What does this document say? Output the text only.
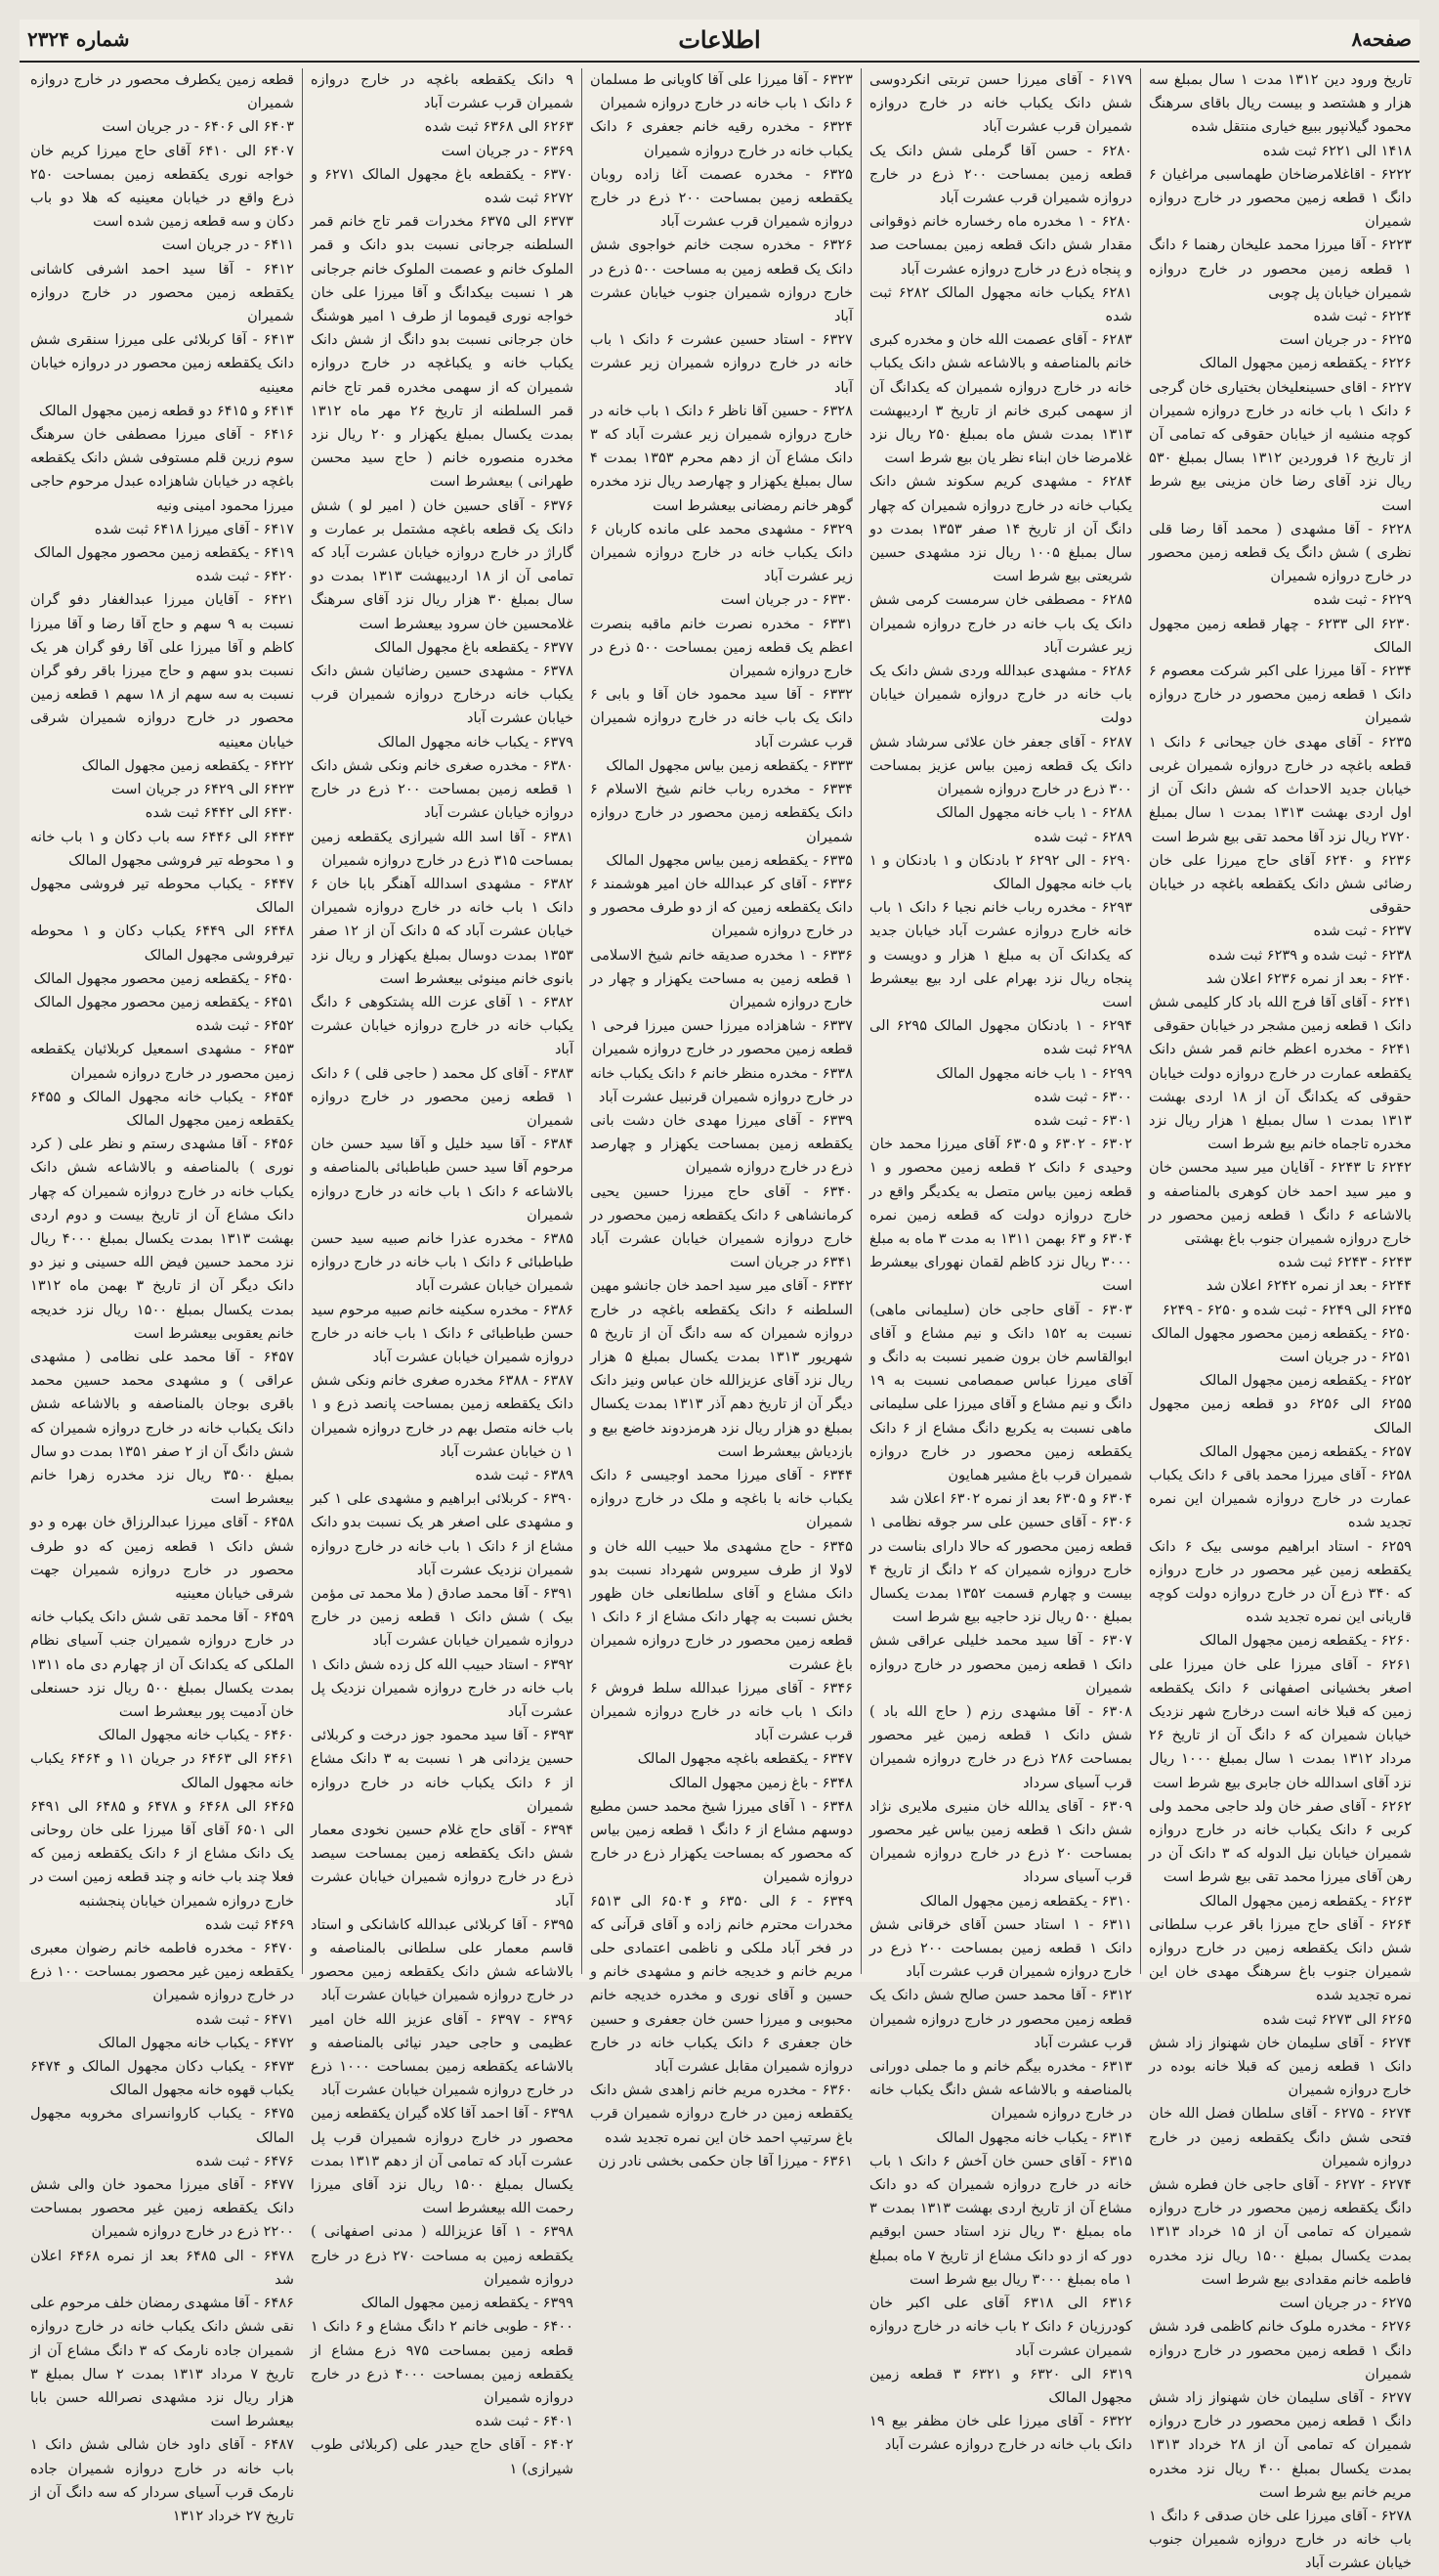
صفحه۸
اطلاعات
شماره ۲۳۲۴
تاریخ ورود دین ۱۳۱۲ مدت ۱ سال بمبلغ سه هزار و هشتصد و بیست ریال باقای سرهنگ محمود گیلانپور ببیع خیاری منتقل شده
۱۴۱۸ الی ۶۲۲۱ ثبت شده
۶۲۲۲ - اقاغلامرضاخان طهماسبی مراغیان ۶ دانگ ۱ قطعه زمین محصور در خارج دروازه شمیران
۶۲۲۳ - آقا میرزا محمد علیخان رهنما ۶ دانگ ۱ قطعه زمین محصور در خارج دروازه شمیران خیابان پل چوبی
۶۲۲۴ - ثبت شده
۶۲۲۵ - در جریان است
۶۲۲۶ - یکقطعه زمین مجهول المالک
۶۲۲۷ - اقای حسینعلیخان بختیاری خان گرجی ۶ دانک ۱ باب خانه در خارج دروازه شمیران کوچه منشیه از خیابان حقوقی که تمامی آن از تاریخ ۱۶ فروردین ۱۳۱۲ بسال بمبلغ ۵۳۰ ریال نزد آقای رضا خان مزینی بیع شرط است
۶۲۲۸ - آقا مشهدی ( محمد آقا رضا قلی نظری ) شش دانگ یک قطعه زمین محصور در خارج دروازه شمیران
۶۲۲۹ - ثبت شده
۶۲۳۰ الی ۶۲۳۳ - چهار قطعه زمین مجهول المالک
۶۲۳۴ - آقا میرزا علی اکبر شرکت معصوم ۶ دانک ۱ قطعه زمین محصور در خارج دروازه شمیران
۶۲۳۵ - آقای مهدی خان جیحانی ۶ دانک ۱ قطعه باغچه در خارج دروازه شمیران غربی خیابان جدید الاحداث که شش دانک آن از اول اردی بهشت ۱۳۱۳ بمدت ۱ سال بمبلغ ۲۷۲۰ ریال نزد آقا محمد تقی بیع شرط است
۶۲۳۶ و ۶۲۴۰ آقای حاج میرزا علی خان رضائی شش دانک یکقطعه باغچه در خیابان حقوقی
۶۲۳۷ - ثبت شده
۶۲۳۸ - ثبت شده و ۶۲۳۹ ثبت شده
۶۲۴۰ - بعد از نمره ۶۲۳۶ اعلان شد
۶۲۴۱ - آقای آقا فرج الله باد کار کلیمی شش دانک ۱ قطعه زمین مشجر در خیابان حقوقی
۶۲۴۱ - مخدره اعظم خانم قمر شش دانک یکقطعه عمارت در خارج دروازه دولت خیابان حقوقی که یکدانگ آن از ۱۸ اردی بهشت ۱۳۱۳ بمدت ۱ سال بمبلغ ۱ هزار ریال نزد مخدره تاجماه خانم بیع شرط است
۶۲۴۲ تا ۶۲۴۳ - آقایان میر سید محسن خان و میر سید احمد خان کوهری بالمناصفه و بالاشاعه ۶ دانگ ۱ قطعه زمین محصور در خارج دروازه شمیران جنوب باغ بهشتی
۶۲۴۳ - ۶۲۴۳ ثبت شده
۶۲۴۴ - بعد از نمره ۶۲۴۲ اعلان شد
۶۲۴۵ الی ۶۲۴۹ - ثبت شده و ۶۲۵۰ - ۶۲۴۹
۶۲۵۰ - یکقطعه زمین محصور مجهول المالک
۶۲۵۱ - در جریان است
۶۲۵۲ - یکقطعه زمین مجهول المالک
۶۲۵۵ الی ۶۲۵۶ دو قطعه زمین مجهول المالک
۶۲۵۷ - یکقطعه زمین مجهول المالک
۶۲۵۸ - آقای میرزا محمد باقی ۶ دانک یکباب عمارت در خارج دروازه شمیران این نمره تجدید شده
۶۲۵۹ - استاد ابراهیم موسی بیک ۶ دانک یکقطعه زمین غیر محصور در خارج دروازه که ۳۴۰ ذرع آن در خارج دروازه دولت کوچه قاریانی این نمره تجدید شده
۶۲۶۰ - یکقطعه زمین مجهول المالک
۶۲۶۱ - آقای میرزا علی خان میرزا علی اصغر بخشیانی اصفهانی ۶ دانک یکقطعه زمین که قبلا خانه است درخارج شهر نزدیک خیابان شمیران که ۶ دانگ آن از تاریخ ۲۶ مرداد ۱۳۱۲ بمدت ۱ سال بمبلغ ۱۰۰۰ ریال نزد آقای اسدالله خان جابری بیع شرط است
۶۲۶۲ - آقای صفر خان ولد حاجی محمد ولی کربی ۶ دانک یکباب خانه در خارج دروازه شمیران خیابان نیل الدوله که ۳ دانک آن در رهن آقای میرزا محمد تقی بیع شرط است
۶۲۶۳ - یکقطعه زمین مجهول المالک
۶۲۶۴ - آقای حاج میرزا باقر عرب سلطانی شش دانک یکقطعه زمین در خارج دروازه شمیران جنوب باغ سرهنگ مهدی خان این نمره تجدید شده
۶۲۶۵ الی ۶۲۷۳ ثبت شده
۶۲۷۴ - آقای سلیمان خان شهنواز زاد شش دانک ۱ قطعه زمین که قبلا خانه بوده در خارج دروازه شمیران
۶۲۷۴ - ۶۲۷۵ - آقای سلطان فضل الله خان فتحی شش دانگ یکقطعه زمین در خارج دروازه شمیران
۶۲۷۴ - ۶۲۷۲ - آقای حاجی خان فطره شش دانگ یکقطعه زمین محصور در خارج دروازه شمیران که تمامی آن از ۱۵ خرداد ۱۳۱۳ بمدت یکسال بمبلغ ۱۵۰۰ ریال نزد مخدره فاطمه خانم مقدادی بیع شرط است
۶۲۷۵ - در جریان است
۶۲۷۶ - مخدره ملوک خانم کاظمی فرد شش دانگ ۱ قطعه زمین محصور در خارج دروازه شمیران
۶۲۷۷ - آقای سلیمان خان شهنواز زاد شش دانگ ۱ قطعه زمین محصور در خارج دروازه شمیران که تمامی آن از ۲۸ خرداد ۱۳۱۳ بمدت یکسال بمبلغ ۴۰۰ ریال نزد مخدره مریم خانم بیع شرط است
۶۲۷۸ - آقای میرزا علی خان صدقی ۶ دانگ ۱ باب خانه در خارج دروازه شمیران جنوب خیابان عشرت آباد
۶۱۷۹ - آقای میرزا حسن تربتی انکردوسی شش دانک یکباب خانه در خارج دروازه شمیران قرب عشرت آباد
۶۲۸۰ - حسن آقا گرملی شش دانک یک قطعه زمین بمساحت ۲۰۰ ذرع در خارج دروازه شمیران قرب عشرت آباد
۶۲۸۰ - ۱ مخدره ماه رخساره خانم ذوقوانی مقدار شش دانک قطعه زمین بمساحت صد و پنجاه ذرع در خارج دروازه عشرت آباد
۶۲۸۱ یکباب خانه مجهول المالک ۶۲۸۲ ثبت شده
۶۲۸۳ - آقای عصمت الله خان و مخدره کبری خانم بالمناصفه و بالاشاعه شش دانک یکباب خانه در خارج دروازه شمیران که یکدانگ آن از سهمی کبری خانم از تاریخ ۳ اردیبهشت ۱۳۱۳ بمدت شش ماه بمبلغ ۲۵۰ ریال نزد غلامرضا خان ابناء نظر یان بیع شرط است
۶۲۸۴ - مشهدی کریم سکوند شش دانک یکباب خانه در خارج دروازه شمیران که چهار دانگ آن از تاریخ ۱۴ صفر ۱۳۵۳ بمدت دو سال بمبلغ ۱۰۰۵ ریال نزد مشهدی حسین شریعتی بیع شرط است
۶۲۸۵ - مصطفی خان سرمست کرمی شش دانک یک باب خانه در خارج دروازه شمیران زیر عشرت آباد
۶۲۸۶ - مشهدی عبدالله وردی شش دانک یک باب خانه در خارج دروازه شمیران خیابان دولت
۶۲۸۷ - آقای جعفر خان علائی سرشاد شش دانک یک قطعه زمین بیاس عزیز بمساحت ۳۰۰ ذرع در خارج دروازه شمیران
۶۲۸۸ - ۱ باب خانه مجهول المالک
۶۲۸۹ - ثبت شده
۶۲۹۰ - الی ۶۲۹۲ ۲ بادنکان و ۱ بادنکان و ۱ باب خانه مجهول المالک
۶۲۹۳ - مخدره رباب خانم نجبا ۶ دانک ۱ باب خانه خارج دروازه عشرت آباد خیابان جدید که یکدانک آن به مبلغ ۱ هزار و دویست و پنجاه ریال نزد بهرام علی ارد بیع بیعشرط است
۶۲۹۴ - ۱ بادنکان مجهول المالک ۶۲۹۵ الی ۶۲۹۸ ثبت شده
۶۲۹۹ - ۱ باب خانه مجهول المالک
۶۳۰۰ - ثبت شده
۶۳۰۱ - ثبت شده
۶۳۰۲ - ۶۳۰۲ و ۶۳۰۵ آقای میرزا محمد خان وحیدی ۶ دانک ۲ قطعه زمین محصور و ۱ قطعه زمین بیاس متصل به یکدیگر واقع در خارج دروازه دولت که قطعه زمین نمره ۶۳۰۴ و ۶۳ بهمن ۱۳۱۱ به مدت ۳ ماه به مبلغ ۳۰۰۰ ریال نزد کاظم لقمان نهورای بیعشرط است
۶۳۰۳ - آقای حاجی خان (سلیمانی ماهی) نسبت به ۱۵۲ دانک و نیم مشاع و آقای ابوالقاسم خان برون ضمیر نسبت به دانگ و آقای میرزا عباس صمصامی نسبت به ۱۹ دانگ و نیم مشاع و آقای میرزا علی سلیمانی ماهی نسبت به یکربع دانگ مشاع از ۶ دانک یکقطعه زمین محصور در خارج دروازه شمیران قرب باغ مشیر همایون
۶۳۰۴ و ۶۳۰۵ بعد از نمره ۶۳۰۲ اعلان شد
۶۳۰۶ - آقای حسین علی سر جوقه نظامی ۱ قطعه زمین محصور که حالا دارای بناست در خارج دروازه شمیران که ۲ دانگ از تاریخ ۴ بیست و چهارم قسمت ۱۳۵۲ بمدت یکسال بمبلغ ۵۰۰ ریال نزد حاجیه بیع شرط است
۶۳۰۷ - آقا سید محمد خلیلی عراقی شش دانک ۱ قطعه زمین محصور در خارج دروازه شمیران
۶۳۰۸ - آقا مشهدی رزم ( حاج الله باد ) شش دانک ۱ قطعه زمین غیر محصور بمساحت ۲۸۶ ذرع در خارج دروازه شمیران قرب آسیای سرداد
۶۳۰۹ - آقای یدالله خان منیری ملایری نژاد شش دانک ۱ قطعه زمین بیاس غیر محصور بمساحت ۲۰ ذرع در خارج دروازه شمیران قرب آسیای سرداد
۶۳۱۰ - یکقطعه زمین مجهول المالک
۶۳۱۱ - ۱ استاد حسن آقای خرقانی شش دانک ۱ قطعه زمین بمساحت ۲۰۰ ذرع در خارج دروازه شمیران قرب عشرت آباد
۶۳۱۲ - آقا محمد حسن صالح شش دانک یک قطعه زمین محصور در خارج دروازه شمیران قرب عشرت آباد
۶۳۱۳ - مخدره بیگم خانم و ما جملی دورانی بالمناصفه و بالاشاعه شش دانگ یکباب خانه در خارج دروازه شمیران
۶۳۱۴ - یکباب خانه مجهول المالک
۶۳۱۵ - آقای حسن خان آخش ۶ دانک ۱ باب خانه در خارج دروازه شمیران که دو دانک مشاع آن از تاریخ اردی بهشت ۱۳۱۳ بمدت ۳ ماه بمبلغ ۳۰ ریال نزد استاد حسن ابوقیم دور که از دو دانک مشاع از تاریخ ۷ ماه بمبلغ ۱ ماه بمبلغ ۳۰۰۰ ریال بیع شرط است
۶۳۱۶ الی ۶۳۱۸ آقای علی اکبر خان کودرزیان ۶ دانک ۲ باب خانه در خارج دروازه شمیران عشرت آباد
۶۳۱۹ الی ۶۳۲۰ و ۶۳۲۱ ۳ قطعه زمین مجهول المالک
۶۳۲۲ - آقای میرزا علی خان مظفر بیع ۱۹ دانک باب خانه در خارج دروازه عشرت آباد
۶۳۲۳ - آقا میرزا علی آقا کاویانی ط مسلمان ۶ دانک ۱ باب خانه در خارج دروازه شمیران
۶۳۲۴ - مخدره رقیه خانم جعفری ۶ دانک یکباب خانه در خارج دروازه شمیران
۶۳۲۵ - مخدره عصمت آغا زاده روبان یکقطعه زمین بمساحت ۲۰۰ ذرع در خارج دروازه شمیران قرب عشرت آباد
۶۳۲۶ - مخدره سجت خانم خواجوی شش دانک یک قطعه زمین به مساحت ۵۰۰ ذرع در خارج دروازه شمیران جنوب خیابان عشرت آباد
۶۳۲۷ - استاد حسین عشرت ۶ دانک ۱ باب خانه در خارج دروازه شمیران زیر عشرت آباد
۶۳۲۸ - حسین آقا ناظر ۶ دانک ۱ باب خانه در خارج دروازه شمیران زیر عشرت آباد که ۳ دانک مشاع آن از دهم محرم ۱۳۵۳ بمدت ۴ سال بمبلغ یکهزار و چهارصد ریال نزد مخدره گوهر خانم رمضانی بیعشرط است
۶۳۲۹ - مشهدی محمد علی مانده کاربان ۶ دانک یکباب خانه در خارج دروازه شمیران زیر عشرت آباد
۶۳۳۰ - در جریان است
۶۳۳۱ - مخدره نصرت خانم ماقبه بنصرت اعظم یک قطعه زمین بمساحت ۵۰۰ ذرع در خارج دروازه شمیران
۶۳۳۲ - آقا سید محمود خان آقا و بابی ۶ دانک یک باب خانه در خارج دروازه شمیران قرب عشرت آباد
۶۳۳۳ - یکقطعه زمین بیاس مجهول المالک
۶۳۳۴ - مخدره رباب خانم شیخ الاسلام ۶ دانک یکقطعه زمین محصور در خارج دروازه شمیران
۶۳۳۵ - یکقطعه زمین بیاس مجهول المالک
۶۳۳۶ - آقای کر عبدالله خان امیر هوشمند ۶ دانک یکقطعه زمین که از دو طرف محصور و در خارج دروازه شمیران
۶۳۳۶ - ۱ مخدره صدیقه خانم شیخ الاسلامی ۱ قطعه زمین به مساحت یکهزار و چهار در خارج دروازه شمیران
۶۳۳۷ - شاهزاده میرزا حسن میرزا فرحی ۱ قطعه زمین محصور در خارج دروازه شمیران
۶۳۳۸ - مخدره منظر خانم ۶ دانک یکباب خانه در خارج دروازه شمیران قرنبیل عشرت آباد
۶۳۳۹ - آقای میرزا مهدی خان دشت بانی یکقطعه زمین بمساحت یکهزار و چهارصد ذرع در خارج دروازه شمیران
۶۳۴۰ - آقای حاج میرزا حسین یحیی کرمانشاهی ۶ دانک یکقطعه زمین محصور در خارج دروازه شمیران خیابان عشرت آباد ۶۳۴۱ در جریان است
۶۳۴۲ - آقای میر سید احمد خان جانشو مهین السلطنه ۶ دانک یکقطعه باغچه در خارج دروازه شمیران که سه دانگ آن از تاریخ ۵ شهریور ۱۳۱۳ بمدت یکسال بمبلغ ۵ هزار ریال نزد آقای عزیزالله خان عباس ونیز دانک دیگر آن از تاریخ دهم آذر ۱۳۱۳ بمدت یکسال بمبلغ دو هزار ریال نزد هرمزدوند خاضع بیع و بازدیاش بیعشرط است
۶۳۴۴ - آقای میرزا محمد اوجیسی ۶ دانک یکباب خانه با باغچه و ملک در خارج دروازه شمیران
۶۳۴۵ - حاج مشهدی ملا حبیب الله خان و لاولا از طرف سیروس شهرداد نسبت بدو دانک مشاع و آقای سلطانعلی خان ظهور بخش نسبت به چهار دانک مشاع از ۶ دانک ۱ قطعه زمین محصور در خارج دروازه شمیران باغ عشرت
۶۳۴۶ - آقای میرزا عبدالله سلط فروش ۶ دانک ۱ باب خانه در خارج دروازه شمیران قرب عشرت آباد
۶۳۴۷ - یکقطعه باغچه مجهول المالک
۶۳۴۸ - باغ زمین مجهول المالک
۶۳۴۸ - ۱ آقای میرزا شیخ محمد حسن مطیع دوسهم مشاع از ۶ دانگ ۱ قطعه زمین بیاس که محصور که بمساحت یکهزار ذرع در خارج دروازه شمیران
۶۳۴۹ - ۶ الی ۶۳۵۰ و ۶۵۰۴ الی ۶۵۱۳ مخدرات محترم خانم زاده و آقای قرآنی که در فخر آباد ملکی و ناظمی اعتمادی حلی مریم خانم و خدیجه خانم و مشهدی خانم و حسین و آقای نوری و مخدره خدیجه خانم محبوبی و میرزا حسن خان جعفری و حسین خان جعفری ۶ دانک یکباب خانه در خارج دروازه شمیران مقابل عشرت آباد
۶۳۶۰ - مخدره مریم خانم زاهدی شش دانک یکقطعه زمین در خارج دروازه شمیران قرب باغ سرتیپ احمد خان این نمره تجدید شده
۶۳۶۱ - میرزا آقا جان حکمی بخشی نادر زن
۹ دانک یکقطعه باغچه در خارج دروازه شمیران قرب عشرت آباد
۶۲۶۳ الی ۶۳۶۸ ثبت شده
۶۳۶۹ - در جریان است
۶۳۷۰ - یکقطعه باغ مجهول المالک ۶۲۷۱ و ۶۲۷۲ ثبت شده
۶۳۷۳ الی ۶۳۷۵ مخدرات قمر تاج خانم قمر السلطنه جرجانی نسبت بدو دانک و قمر الملوک خانم و عصمت الملوک خانم جرجانی هر ۱ نسبت بیکدانگ و آقا میرزا علی خان خواجه نوری قیموما از طرف ۱ امیر هوشنگ خان جرجانی نسبت بدو دانگ از شش دانک یکباب خانه و یکباغچه در خارج دروازه شمیران که از سهمی مخدره قمر تاج خانم قمر السلطنه از تاریخ ۲۶ مهر ماه ۱۳۱۲ بمدت یکسال بمبلغ یکهزار و ۲۰ ریال نزد مخدره منصوره خانم ( حاج سید محسن طهرانی ) بیعشرط است
۶۳۷۶ - آقای حسین خان ( امیر لو ) شش دانک یک قطعه باغچه مشتمل بر عمارت و گاراژ در خارج دروازه خیابان عشرت آباد که تمامی آن از ۱۸ اردیبهشت ۱۳۱۳ بمدت دو سال بمبلغ ۳۰ هزار ریال نزد آقای سرهنگ غلامحسین خان سرود بیعشرط است
۶۳۷۷ - یکقطعه باغ مجهول المالک
۶۳۷۸ - مشهدی حسین رضائیان شش دانک یکباب خانه درخارج دروازه شمیران قرب خیابان عشرت آباد
۶۳۷۹ - یکباب خانه مجهول المالک
۶۳۸۰ - مخدره صغری خانم ونکی شش دانک ۱ قطعه زمین بمساحت ۲۰۰ ذرع در خارج دروازه خیابان عشرت آباد
۶۳۸۱ - آقا اسد الله شیرازی یکقطعه زمین بمساحت ۳۱۵ ذرع در خارج دروازه شمیران
۶۳۸۲ - مشهدی اسدالله آهنگر بابا خان ۶ دانک ۱ باب خانه در خارج دروازه شمیران خیابان عشرت آباد که ۵ دانک آن از ۱۲ صفر ۱۳۵۳ بمدت دوسال بمبلغ یکهزار و ریال نزد بانوی خانم مینوئی بیعشرط است
۶۳۸۲ - ۱ آقای عزت الله پشتکوهی ۶ دانگ یکباب خانه در خارج دروازه خیابان عشرت آباد
۶۳۸۳ - آقای کل محمد ( حاجی قلی ) ۶ دانک ۱ قطعه زمین محصور در خارج دروازه شمیران
۶۳۸۴ - آقا سید خلیل و آقا سید حسن خان مرحوم آقا سید حسن طباطبائی بالمناصفه و بالاشاعه ۶ دانک ۱ باب خانه در خارج دروازه شمیران
۶۳۸۵ - مخدره عذرا خانم صبیه سید حسن طباطبائی ۶ دانک ۱ باب خانه در خارج دروازه شمیران خیابان عشرت آباد
۶۳۸۶ - مخدره سکینه خانم صبیه مرحوم سید حسن طباطبائی ۶ دانک ۱ باب خانه در خارج دروازه شمیران خیابان عشرت آباد
۶۳۸۷ - ۶۳۸۸ مخدره صغری خانم ونکی شش دانک یکقطعه زمین بمساحت پانصد ذرع و ۱ باب خانه متصل بهم در خارج دروازه شمیران ۱ ن خیابان عشرت آباد
۶۳۸۹ - ثبت شده
۶۳۹۰ - کربلائی ابراهیم و مشهدی علی ۱ کبر و مشهدی علی اصغر هر یک نسبت بدو دانک مشاع از ۶ دانک ۱ باب خانه در خارج دروازه شمیران نزدیک عشرت آباد
۶۳۹۱ - آقا محمد صادق ( ملا محمد تی مؤمن بیک ) شش دانک ۱ قطعه زمین در خارج دروازه شمیران خیابان عشرت آباد
۶۳۹۲ - استاد حبیب الله کل زده شش دانک ۱ باب خانه در خارج دروازه شمیران نزدیک پل عشرت آباد
۶۳۹۳ - آقا سید محمود جوز درخت و کربلائی حسین یزدانی هر ۱ نسبت به ۳ دانک مشاع از ۶ دانک یکباب خانه در خارج دروازه شمیران
۶۳۹۴ - آقای حاج غلام حسین نخودی معمار شش دانک یکقطعه زمین بمساحت سیصد ذرع در خارج دروازه شمیران خیابان عشرت آباد
۶۳۹۵ - آقا کربلائی عبدالله کاشانکی و استاد قاسم معمار علی سلطانی بالمناصفه و بالاشاعه شش دانک یکقطعه زمین محصور در خارج دروازه شمیران خیابان عشرت آباد
۶۳۹۶ - ۶۳۹۷ - آقای عزیز الله خان امیر عظیمی و حاجی حیدر نیائی بالمناصفه و بالاشاعه یکقطعه زمین بمساحت ۱۰۰۰ ذرع در خارج دروازه شمیران خیابان عشرت آباد
۶۳۹۸ - آقا احمد آقا کلاه گیران یکقطعه زمین محصور در خارج دروازه شمیران قرب پل عشرت آباد که تمامی آن از دهم ۱۳۱۳ بمدت یکسال بمبلغ ۱۵۰۰ ریال نزد آقای میرزا رحمت الله بیعشرط است
۶۳۹۸ - ۱ آقا عزیزالله ( مدنی اصفهانی ) یکقطعه زمین به مساحت ۲۷۰ ذرع در خارج دروازه شمیران
۶۳۹۹ - یکقطعه زمین مجهول المالک
۶۴۰۰ - طوبی خانم ۲ دانگ مشاع و ۶ دانک ۱ قطعه زمین بمساحت ۹۷۵ ذرع مشاع از یکقطعه زمین بمساحت ۴۰۰۰ ذرع در خارج دروازه شمیران
۶۴۰۱ - ثبت شده
۶۴۰۲ - آقای حاج حیدر علی (کربلائی طوب شیرازی) ۱
قطعه زمین یکطرف محصور در خارج دروازه شمیران
۶۴۰۳ الی ۶۴۰۶ - در جریان است
۶۴۰۷ الی ۶۴۱۰ آقای حاج میرزا کریم خان خواجه نوری یکقطعه زمین بمساحت ۲۵۰ ذرع واقع در خیابان معینیه که هلا دو باب دکان و سه قطعه زمین شده است
۶۴۱۱ - در جریان است
۶۴۱۲ - آقا سید احمد اشرفی کاشانی یکقطعه زمین محصور در خارج دروازه شمیران
۶۴۱۳ - آقا کربلائی علی میرزا سنقری شش دانک یکقطعه زمین محصور در دروازه خیابان معینیه
۶۴۱۴ و ۶۴۱۵ دو قطعه زمین مجهول المالک
۶۴۱۶ - آقای میرزا مصطفی خان سرهنگ سوم زرین قلم مستوفی شش دانک یکقطعه باغچه در خیابان شاهزاده عبدل مرحوم حاجی میرزا محمود امینی ونیه
۶۴۱۷ - آقای میرزا ۶۴۱۸ ثبت شده
۶۴۱۹ - یکقطعه زمین محصور مجهول المالک
۶۴۲۰ - ثبت شده
۶۴۲۱ - آقایان میرزا عبدالغفار دفو گران نسبت به ۹ سهم و حاج آقا رضا و آقا میرزا کاظم و آقا میرزا علی آقا رفو گران هر یک نسبت بدو سهم و حاج میرزا باقر رفو گران نسبت به سه سهم از ۱۸ سهم ۱ قطعه زمین محصور در خارج دروازه شمیران شرقی خیابان معینیه
۶۴۲۲ - یکقطعه زمین مجهول المالک
۶۴۲۳ الی ۶۴۲۹ در جریان است
۶۴۳۰ الی ۶۴۴۲ ثبت شده
۶۴۴۳ الی ۶۴۴۶ سه باب دکان و ۱ باب خانه و ۱ محوطه تیر فروشی مجهول المالک
۶۴۴۷ - یکباب محوطه تیر فروشی مجهول المالک
۶۴۴۸ الی ۶۴۴۹ یکباب دکان و ۱ محوطه تیرفروشی مجهول المالک
۶۴۵۰ - یکقطعه زمین محصور مجهول المالک
۶۴۵۱ - یکقطعه زمین محصور مجهول المالک
۶۴۵۲ - ثبت شده
۶۴۵۳ - مشهدی اسمعیل کربلائیان یکقطعه زمین محصور در خارج دروازه شمیران
۶۴۵۴ - یکباب خانه مجهول المالک و ۶۴۵۵ یکقطعه زمین مجهول المالک
۶۴۵۶ - آقا مشهدی رستم و نظر علی ( کرد نوری ) بالمناصفه و بالاشاعه شش دانک یکباب خانه در خارج دروازه شمیران که چهار دانک مشاع آن از تاریخ بیست و دوم اردی بهشت ۱۳۱۳ بمدت یکسال بمبلغ ۴۰۰۰ ریال نزد محمد حسین فیض الله حسینی و نیز دو دانک دیگر آن از تاریخ ۳ بهمن ماه ۱۳۱۲ بمدت یکسال بمبلغ ۱۵۰۰ ریال نزد خدیجه خانم یعقوبی بیعشرط است
۶۴۵۷ - آقا محمد علی نظامی ( مشهدی عراقی ) و مشهدی محمد حسین محمد باقری بوجان بالمناصفه و بالاشاعه شش دانک یکباب خانه در خارج دروازه شمیران که شش دانگ آن از ۲ صفر ۱۳۵۱ بمدت دو سال بمبلغ ۳۵۰۰ ریال نزد مخدره زهرا خانم بیعشرط است
۶۴۵۸ - آقای میرزا عبدالرزاق خان بهره و دو شش دانک ۱ قطعه زمین که دو طرف محصور در خارج دروازه شمیران جهت شرقی خیابان معینیه
۶۴۵۹ - آقا محمد تقی شش دانک یکباب خانه در خارج دروازه شمیران جنب آسیای نظام الملکی که یکدانک آن از چهارم دی ماه ۱۳۱۱ بمدت یکسال بمبلغ ۵۰۰ ریال نزد حسنعلی خان آدمیت پور بیعشرط است
۶۴۶۰ - یکباب خانه مجهول المالک
۶۴۶۱ الی ۶۴۶۳ در جریان ۱۱ و ۶۴۶۴ یکباب خانه مجهول المالک
۶۴۶۵ الی ۶۴۶۸ و ۶۴۷۸ و ۶۴۸۵ الی ۶۴۹۱ الی ۶۵۰۱ آقای آقا میرزا علی خان روحانی یک دانک مشاع از ۶ دانک یکقطعه زمین که فعلا چند باب خانه و چند قطعه زمین است در خارج دروازه شمیران خیابان پنجشنبه
۶۴۶۹ ثبت شده
۶۴۷۰ - مخدره فاطمه خانم رضوان معبری یکقطعه زمین غیر محصور بمساحت ۱۰۰ ذرع در خارج دروازه شمیران
۶۴۷۱ - ثبت شده
۶۴۷۲ - یکباب خانه مجهول المالک
۶۴۷۳ - یکباب دکان مجهول المالک و ۶۴۷۴ یکباب قهوه خانه مجهول المالک
۶۴۷۵ - یکباب کاروانسرای مخروبه مجهول المالک
۶۴۷۶ - ثبت شده
۶۴۷۷ - آقای میرزا محمود خان والی شش دانک یکقطعه زمین غیر محصور بمساحت ۲۲۰۰ ذرع در خارج دروازه شمیران
۶۴۷۸ - الی ۶۴۸۵ بعد از نمره ۶۴۶۸ اعلان شد
۶۴۸۶ - آقا مشهدی رمضان خلف مرحوم علی نقی شش دانک یکباب خانه در خارج دروازه شمیران جاده نارمک که ۳ دانگ مشاع آن از تاریخ ۷ مرداد ۱۳۱۳ بمدت ۲ سال بمبلغ ۳ هزار ریال نزد مشهدی نصرالله حسن بابا بیعشرط است
۶۴۸۷ - آقای داود خان شالی شش دانک ۱ باب خانه در خارج دروازه شمیران جاده نارمک قرب آسیای سردار که سه دانگ آن از تاریخ ۲۷ خرداد ۱۳۱۲
